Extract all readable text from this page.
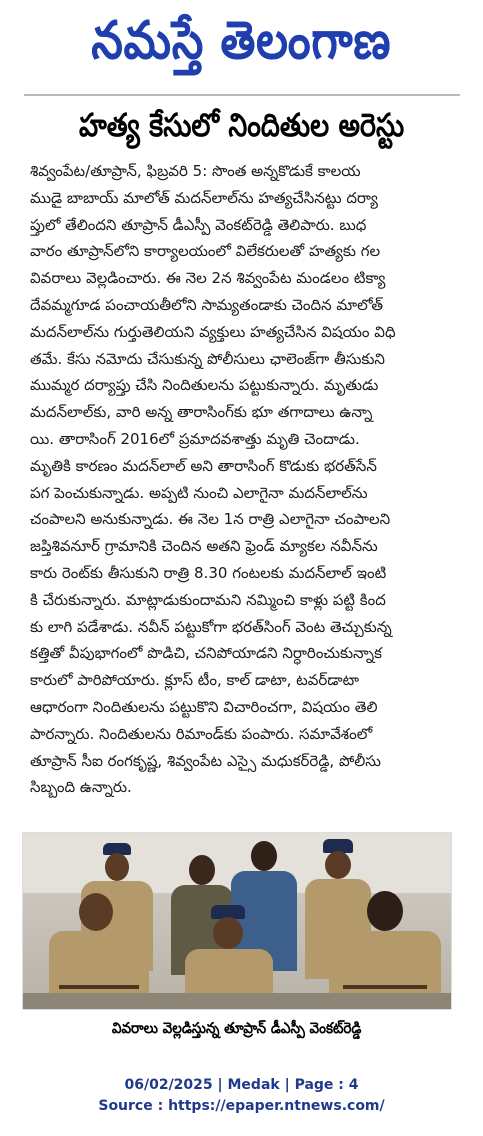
నమస్తే తెలంగాణ
హత్య కేసులో నిందితుల అరెస్టు
శివ్వంపేట/తూప్రాన్, ఫిబ్రవరి 5: సొంత అన్నకొడుకే కాలయ
ముడై బాబాయ్ మాలోత్ మదన్‌లాల్‌ను హత్యచేసినట్టు దర్యా
ప్తులో తేలిందని తూప్రాన్ డీఎస్పీ వెంకట్‌రెడ్డి తెలిపారు. బుధ
వారం తూప్రాన్‌లోని కార్యాలయంలో విలేకరులతో హత్యకు గల
వివరాలు వెల్లడించారు. ఈ నెల 2న శివ్వంపేట మండలం టిక్యా
దేవమ్మగూడ పంచాయతీలోని సామ్యతండాకు చెందిన మాలోత్
మదన్‌లాల్‌ను గుర్తుతెలియని వ్యక్తులు హత్యచేసిన విషయం విధి
తమే. కేసు నమోదు చేసుకున్న పోలీసులు ఛాలెంజ్‌గా తీసుకుని
ముమ్మర దర్యాప్తు చేసి నిందితులను పట్టుకున్నారు. మృతుడు
మదన్‌లాల్‌కు, వారి అన్న తారాసింగ్‌కు భూ తగాదాలు ఉన్నా
యి. తారాసింగ్ 2016లో ప్రమాదవశాత్తు మృతి చెందాడు.
మృతికి కారణం మదన్‌లాల్ అని తారాసింగ్ కొడుకు భరత్‌సేన్
పగ పెంచుకున్నాడు. అప్పటి నుంచి ఎలాగైనా మదన్‌లాల్‌ను
చంపాలని అనుకున్నాడు. ఈ నెల 1న రాత్రి ఎలాగైనా చంపాలని
జప్తిశివనూర్ గ్రామానికి చెందిన అతని ఫ్రెండ్ మ్యాకల నవీన్‌ను
కారు రెంట్‌కు తీసుకుని రాత్రి 8.30 గంటలకు మదన్‌లాల్ ఇంటి
కి చేరుకున్నారు. మాట్లాడుకుందామని నమ్మించి కాళ్లు పట్టి కింద
కు లాగి పడేశాడు. నవీన్ పట్టుకోగా భరత్‌సింగ్ వెంట తెచ్చుకున్న
కత్తితో వీపుభాగంలో పొడిచి, చనిపోయాడని నిర్ధారించుకున్నాక
కారులో పారిపోయారు. క్లూస్ టీం, కాల్ డాటా, టవర్‌డాటా
ఆధారంగా నిందితులను పట్టుకొని విచారించగా, విషయం తెలి
పారన్నారు. నిందితులను రిమాండ్‌కు పంపారు. సమావేశంలో
తూప్రాన్ సీఐ రంగకృష్ణ, శివ్వంపేట ఎస్సై మధుకర్‌రెడ్డి, పోలీసు
సిబ్బంది ఉన్నారు.
వివరాలు వెల్లడిస్తున్న తూప్రాన్ డీఎస్పీ వెంకట్‌రెడ్డి
06/02/2025 | Medak | Page : 4
Source : https://epaper.ntnews.com/
